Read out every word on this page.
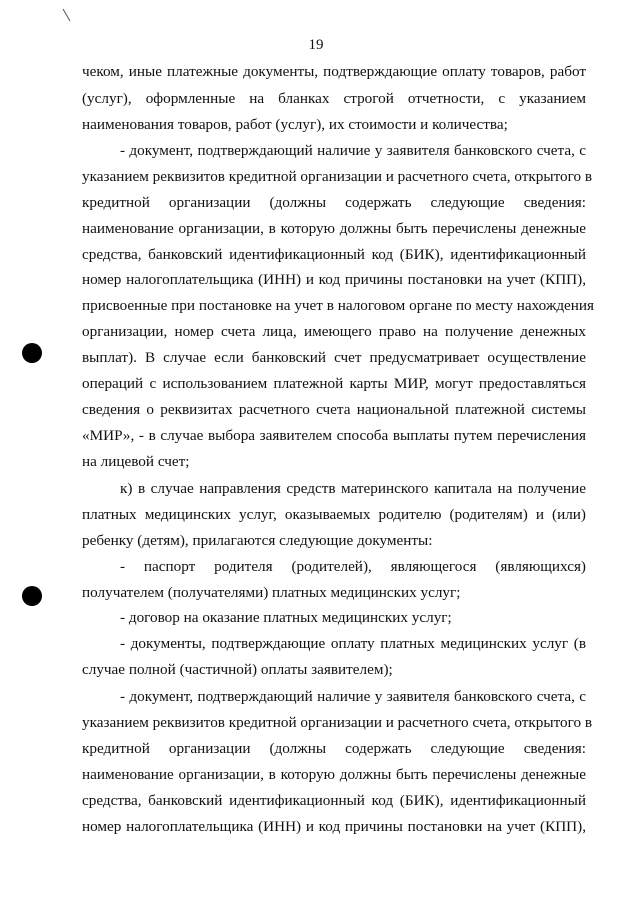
19
чеком, иные платежные документы, подтверждающие оплату товаров, работ
(услуг), оформленные на бланках строгой отчетности, с указанием
наименования товаров, работ (услуг), их стоимости и количества;
- документ, подтверждающий наличие у заявителя банковского счета, с
указанием реквизитов кредитной организации и расчетного счета, открытого в
кредитной организации (должны содержать следующие сведения:
наименование организации, в которую должны быть перечислены денежные
средства, банковский идентификационный код (БИК), идентификационный
номер налогоплательщика (ИНН) и код причины постановки на учет (КПП),
присвоенные при постановке на учет в налоговом органе по месту нахождения
организации, номер счета лица, имеющего право на получение денежных
выплат). В случае если банковский счет предусматривает осуществление
операций с использованием платежной карты МИР, могут предоставляться
сведения о реквизитах расчетного счета национальной платежной системы
«МИР», - в случае выбора заявителем способа выплаты путем перечисления
на лицевой счет;
к) в случае направления средств материнского капитала на получение
платных медицинских услуг, оказываемых родителю (родителям) и (или)
ребенку (детям), прилагаются следующие документы:
- паспорт родителя (родителей), являющегося (являющихся)
получателем (получателями) платных медицинских услуг;
- договор на оказание платных медицинских услуг;
- документы, подтверждающие оплату платных медицинских услуг (в
случае полной (частичной) оплаты заявителем);
- документ, подтверждающий наличие у заявителя банковского счета, с
указанием реквизитов кредитной организации и расчетного счета, открытого в
кредитной организации (должны содержать следующие сведения:
наименование организации, в которую должны быть перечислены денежные
средства, банковский идентификационный код (БИК), идентификационный
номер налогоплательщика (ИНН) и код причины постановки на учет (КПП),
